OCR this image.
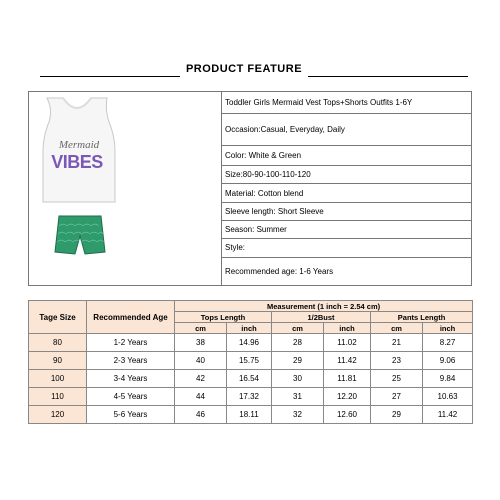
PRODUCT FEATURE
Mermaid
VIBES
	Toddler Girls Mermaid Vest Tops+Shorts Outfits 1-6Y
Occasion:Casual, Everyday, Daily
Color: White & Green
Size:80-90-100-110-120
Material: Cotton blend
Sleeve length: Short Sleeve
Season: Summer
Style:
Recommended age: 1-6 Years
Tage Size	Recommended Age	Measurement (1 inch = 2.54 cm)					
		Tops Length		1/2Bust		Pants Length	
		cm	inch	cm	inch	cm	inch
80	1-2 Years	38	14.96	28	11.02	21	8.27
90	2-3 Years	40	15.75	29	11.42	23	9.06
100	3-4 Years	42	16.54	30	11.81	25	9.84
110	4-5 Years	44	17.32	31	12.20	27	10.63
120	5-6 Years	46	18.11	32	12.60	29	11.42
